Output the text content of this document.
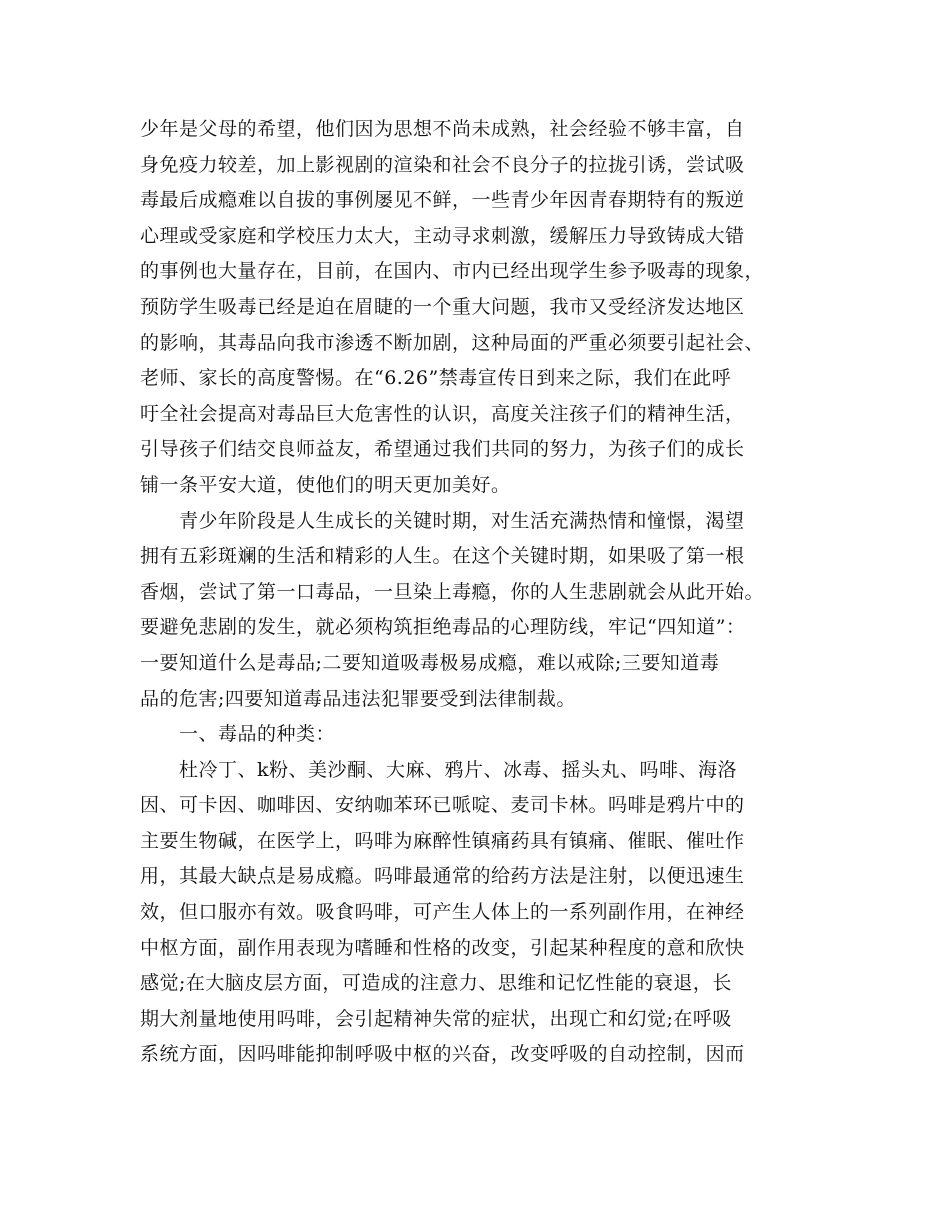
少年是父母的希望，他们因为思想不尚未成熟，社会经验不够丰富，自
身免疫力较差，加上影视剧的渲染和社会不良分子的拉拢引诱，尝试吸
毒最后成瘾难以自拔的事例屡见不鲜，一些青少年因青春期特有的叛逆
心理或受家庭和学校压力太大，主动寻求刺激，缓解压力导致铸成大错
的事例也大量存在，目前，在国内、市内已经出现学生参予吸毒的现象，
预防学生吸毒已经是迫在眉睫的一个重大问题，我市又受经济发达地区
的影响，其毒品向我市渗透不断加剧，这种局面的严重必须要引起社会、
老师、家长的高度警惕。在“6.26”禁毒宣传日到来之际，我们在此呼
吁全社会提高对毒品巨大危害性的认识，高度关注孩子们的精神生活，
引导孩子们结交良师益友，希望通过我们共同的努力，为孩子们的成长
铺一条平安大道，使他们的明天更加美好。
　　青少年阶段是人生成长的关键时期，对生活充满热情和憧憬，渴望
拥有五彩斑斓的生活和精彩的人生。在这个关键时期，如果吸了第一根
香烟，尝试了第一口毒品，一旦染上毒瘾，你的人生悲剧就会从此开始。
要避免悲剧的发生，就必须构筑拒绝毒品的心理防线，牢记“四知道”：
一要知道什么是毒品;二要知道吸毒极易成瘾，难以戒除;三要知道毒
品的危害;四要知道毒品违法犯罪要受到法律制裁。
　　一、毒品的种类：
　　杜冷丁、k粉、美沙酮、大麻、鸦片、冰毒、摇头丸、吗啡、海洛
因、可卡因、咖啡因、安纳咖苯环已哌啶、麦司卡林。吗啡是鸦片中的
主要生物碱，在医学上，吗啡为麻醉性镇痛药具有镇痛、催眠、催吐作
用，其最大缺点是易成瘾。吗啡最通常的给药方法是注射，以便迅速生
效，但口服亦有效。吸食吗啡，可产生人体上的一系列副作用，在神经
中枢方面，副作用表现为嗜睡和性格的改变，引起某种程度的意和欣快
感觉;在大脑皮层方面，可造成的注意力、思维和记忆性能的衰退，长
期大剂量地使用吗啡，会引起精神失常的症状，出现亡和幻觉;在呼吸
系统方面，因吗啡能抑制呼吸中枢的兴奋，改变呼吸的自动控制，因而
